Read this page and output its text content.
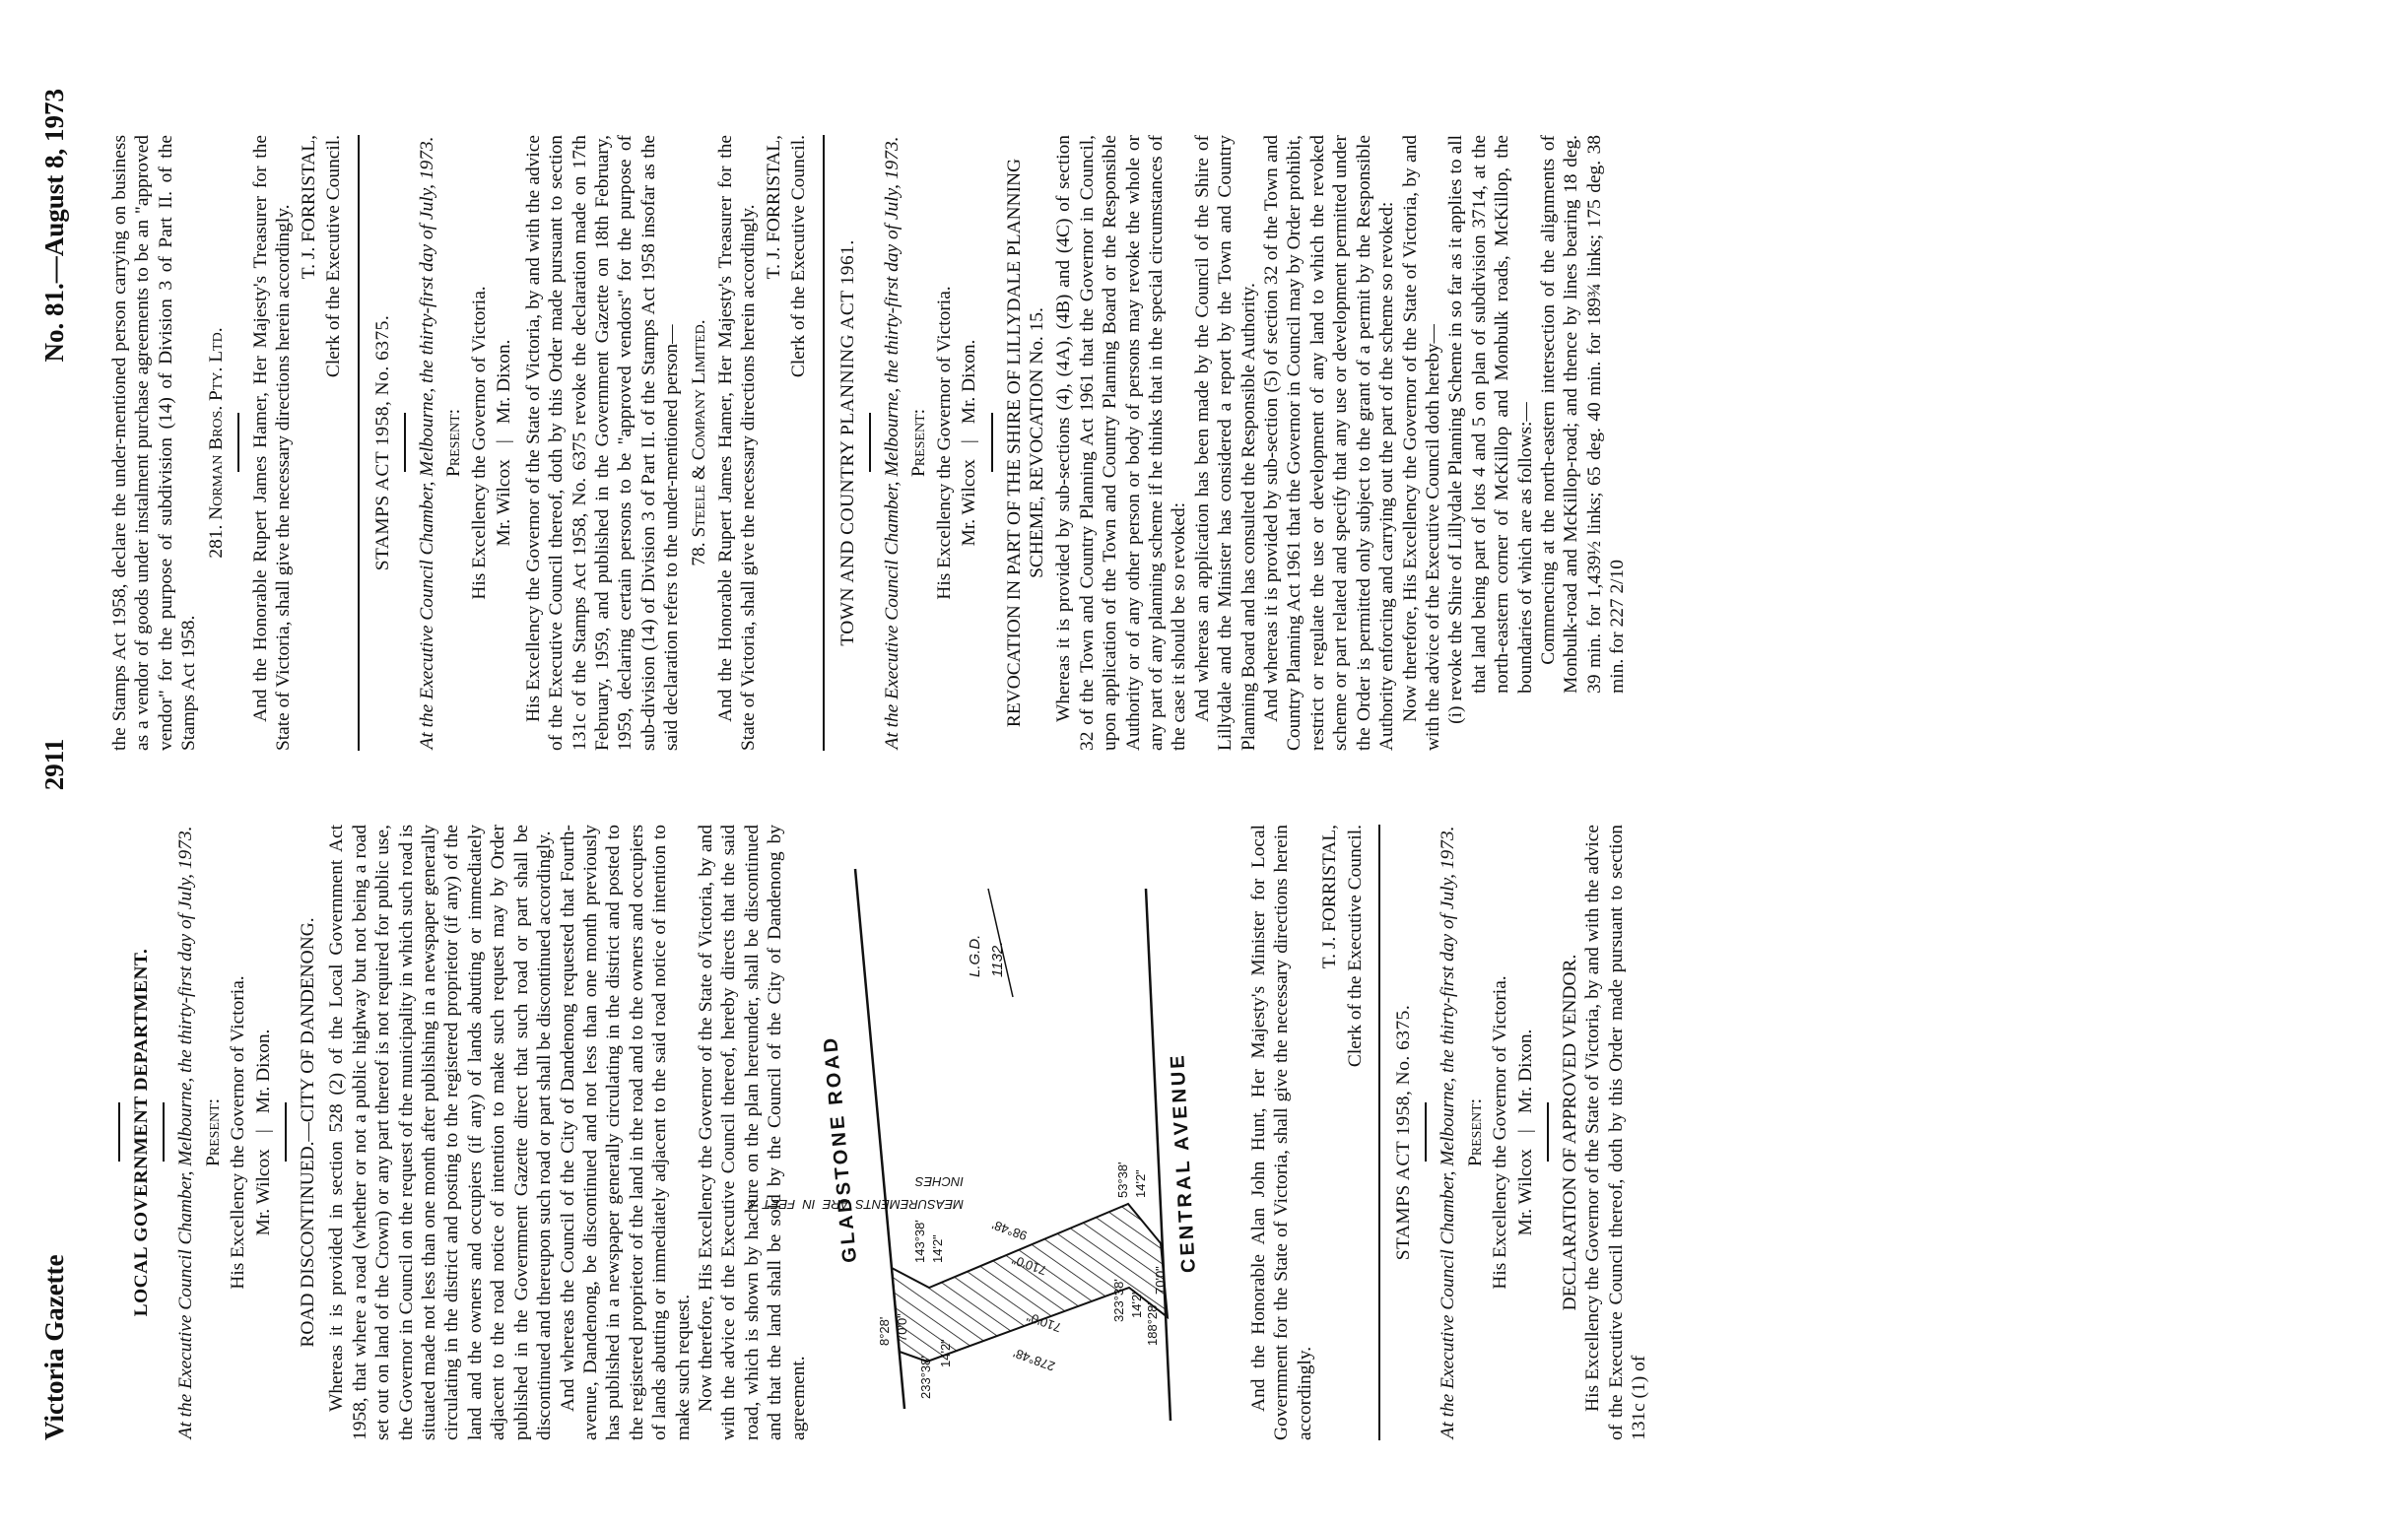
Victoria Gazette
2911
No. 81.—August 8, 1973
LOCAL GOVERNMENT DEPARTMENT. At the Executive Council Chamber, Melbourne, the thirty-first day of July, 1973. Present: His Excellency the Governor of Victoria. Mr. Wilcox
|
Mr. Dixon. ROAD DISCONTINUED.—CITY OF DANDENONG. Whereas it is provided in section 528 (2) of the Local Government Act 1958, that where a road (whether or not a public highway but not being a road set out on land of the Crown) or any part thereof is not required for public use, the Governor in Council on the request of the municipality in which such road is situated made not less than one month after publishing in a newspaper generally circulating in the district and posting to the registered proprietor (if any) of the land and the owners and occupiers (if any) of lands abutting or immediately adjacent to the road notice of intention to make such request may by Order published in the Government Gazette direct that such road or part shall be discontinued and thereupon such road or part shall be discontinued accordingly. And whereas the Council of the City of Dandenong requested that Fourth-avenue, Dandenong, be discontinued and not less than one month previously has published in a newspaper generally circulating in the district and posted to the registered proprietor of the land in the road and to the owners and occupiers of lands abutting or immediately adjacent to the said road notice of intention to make such request. Now therefore, His Excellency the Governor of the State of Victoria, by and with the advice of the Executive Council thereof, hereby directs that the said road, which is shown by hachure on the plan hereunder, shall be discontinued and that the land shall be sold by the Council of the City of Dandenong by agreement.

GLADSTONE ROAD	CENTRAL AVENUE
MEASUREMENTS ARE IN FEET & INCHES
L.G.D. 1132.
8°28' 70'0"	188°28'
70'0"
278°48'
710'0"
98°48'
710'0"
233°38'
14'2"
143°38' 14'2"
323°38' 14'2"
53°38' 14'2"	And the Honorable Alan John Hunt, Her Majesty's Minister for Local Government for the State of Victoria, shall give the necessary directions herein accordingly.

T. J. FORRISTAL, Clerk of the Executive Council.
STAMPS ACT 1958, No. 6375. At the Executive Council Chamber, Melbourne, the thirty-first day of July, 1973. Present: His Excellency the Governor of Victoria. Mr. Wilcox
|
Mr. Dixon. DECLARATION OF APPROVED VENDOR. His Excellency the Governor of the State of Victoria, by and with the advice of the Executive Council thereof, doth by this Order made pursuant to section 131c (1) of

the Stamps Act 1958, declare the under-mentioned person carrying on business as a vendor of goods under instalment purchase agreements to be an "approved vendor" for the purpose of subdivision (14) of Division 3 of Part II. of the Stamps Act 1958.

281. Norman Bros. Pty. Ltd. And the Honorable Rupert James Hamer, Her Majesty's Treasurer for the State of Victoria, shall give the necessary directions herein accordingly. T. J. FORRISTAL, Clerk of the Executive Council.
STAMPS ACT 1958, No. 6375. At the Executive Council Chamber, Melbourne, the thirty-first day of July, 1973. Present: His Excellency the Governor of Victoria. Mr. Wilcox
|
Mr. Dixon. His Excellency the Governor of the State of Victoria, by and with the advice of the Executive Council thereof, doth by this Order made pursuant to section 131c of the Stamps Act 1958, No. 6375 revoke the declaration made on 17th February, 1959, and published in the Government Gazette on 18th February, 1959, declaring certain persons to be "approved vendors" for the purpose of sub-division (14) of Division 3 of Part II. of the Stamps Act 1958 insofar as the said declaration refers to the under-mentioned person— 78. Steele & Company Limited. And the Honorable Rupert James Hamer, Her Majesty's Treasurer for the State of Victoria, shall give the necessary directions herein accordingly. T. J. FORRISTAL, Clerk of the Executive Council. TOWN AND COUNTRY PLANNING ACT 1961. At the Executive Council Chamber, Melbourne, the thirty-first day of July, 1973. Present: His Excellency the Governor of Victoria. Mr. Wilcox
|
Mr. Dixon. REVOCATION IN PART OF THE SHIRE OF LILLYDALE PLANNING SCHEME, REVOCATION No. 15. Whereas it is provided by sub-sections (4), (4A), (4B) and (4C) of section 32 of the Town and Country Planning Act 1961 that the Governor in Council, upon application of the Town and Country Planning Board or the Responsible Authority or of any other person or body of persons may revoke the whole or any part of any planning scheme if he thinks that in the special circumstances of the case it should be so revoked: And whereas an application has been made by the Council of the Shire of Lillydale and the Minister has considered a report by the Town and Country Planning Board and has consulted the Responsible Authority. And whereas it is provided by sub-section (5) of section 32 of the Town and Country Planning Act 1961 that the Governor in Council may by Order prohibit, restrict or regulate the use or development of any land to which the revoked scheme or part related and specify that any use or development permitted under the Order is permitted only subject to the grant of a permit by the Responsible Authority enforcing and carrying out the part of the scheme so revoked: Now therefore, His Excellency the Governor of the State of Victoria, by and with the advice of the Executive Council doth hereby— (i) revoke the Shire of Lillydale Planning Scheme in so far as it applies to all that land being part of lots 4 and 5 on plan of subdivision 3714, at the north-eastern corner of McKillop and Monbulk roads, McKillop, the boundaries of which are as follows:— Commencing at the north-eastern intersection of the alignments of Monbulk-road and McKillop-road; and thence by lines bearing 18 deg. 39 min. for 1,439½ links; 65 deg. 40 min. for 189¾ links; 175 deg. 38 min. for 227 2/10
